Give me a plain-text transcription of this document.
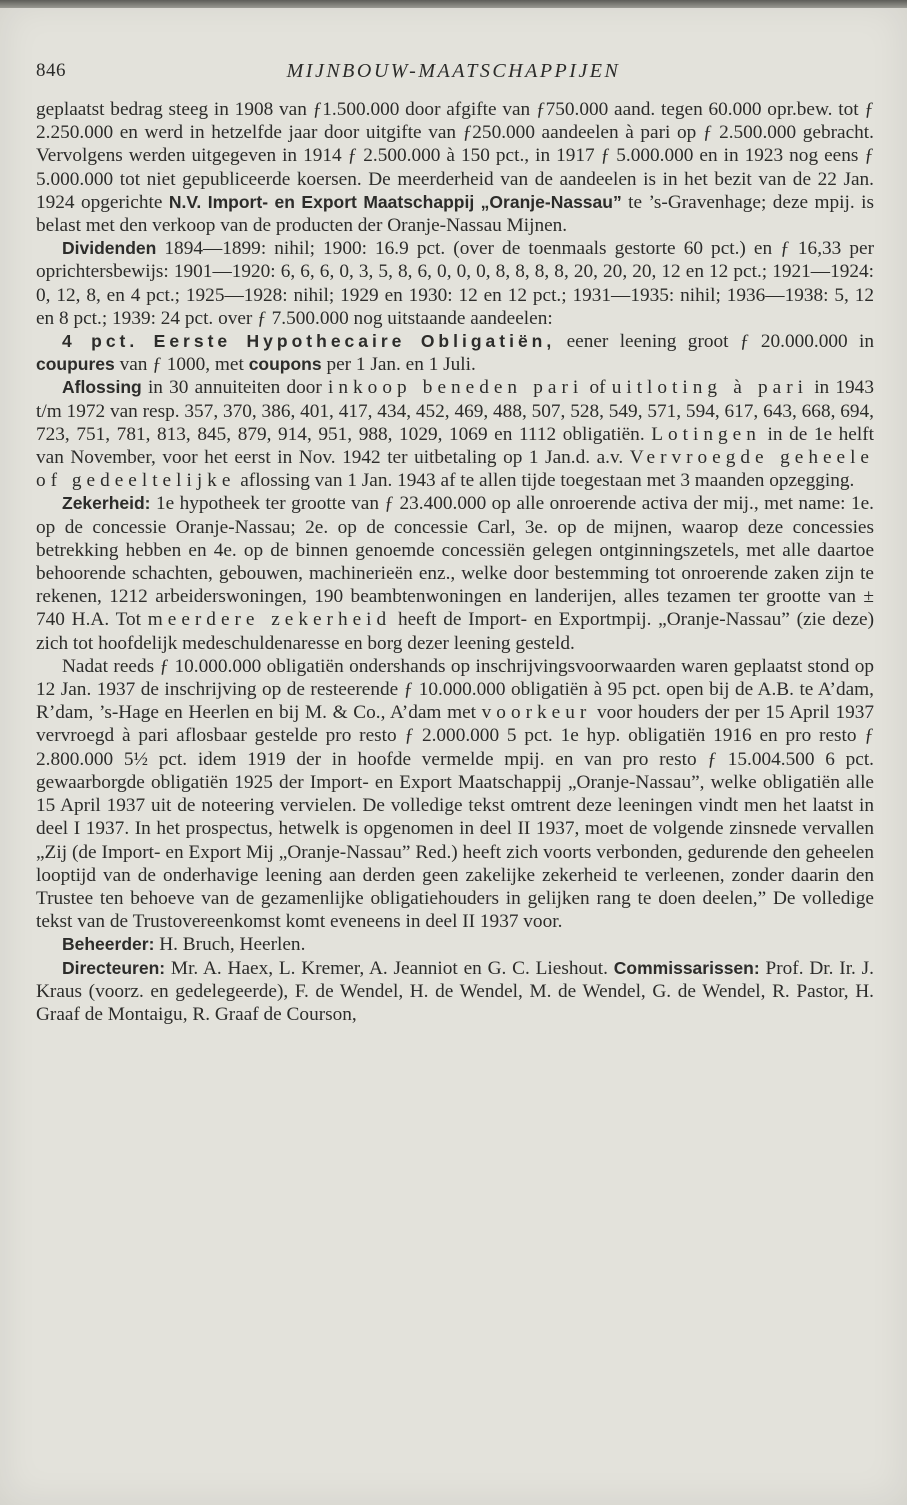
846	MIJNBOUW-MAATSCHAPPIJEN

geplaatst bedrag steeg in 1908 van ƒ1.500.000 door afgifte van ƒ750.000 aand. tegen 60.000 opr.bew. tot ƒ 2.250.000 en werd in hetzelfde jaar door uitgifte van ƒ250.000 aandeelen à pari op ƒ 2.500.000 gebracht. Vervolgens werden uitgegeven in 1914 ƒ 2.500.000 à 150 pct., in 1917 ƒ 5.000.000 en in 1923 nog eens ƒ 5.000.000 tot niet gepubliceerde koersen. De meerderheid van de aandeelen is in het bezit van de 22 Jan. 1924 opgerichte N.V. Import- en Export Maatschappij „Oranje-Nassau” te ’s-Gravenhage; deze mpij. is belast met den verkoop van de producten der Oranje-Nassau Mijnen.

Dividenden 1894—1899: nihil; 1900: 16.9 pct. (over de toenmaals gestorte 60 pct.) en ƒ 16,33 per oprichtersbewijs: 1901—1920: 6, 6, 6, 0, 3, 5, 8, 6, 0, 0, 0, 8, 8, 8, 8, 20, 20, 20, 12 en 12 pct.; 1921—1924: 0, 12, 8, en 4 pct.; 1925—1928: nihil; 1929 en 1930: 12 en 12 pct.; 1931—1935: nihil; 1936—1938: 5, 12 en 8 pct.; 1939: 24 pct. over ƒ 7.500.000 nog uitstaande aandeelen:

4 pct. Eerste Hypothecaire Obligatiën, eener leening groot ƒ 20.000.000 in coupures van ƒ 1000, met coupons per 1 Jan. en 1 Juli.

Aflossing in 30 annuiteiten door inkoop beneden pari of uitloting à pari in 1943 t/m 1972 van resp. 357, 370, 386, 401, 417, 434, 452, 469, 488, 507, 528, 549, 571, 594, 617, 643, 668, 694, 723, 751, 781, 813, 845, 879, 914, 951, 988, 1029, 1069 en 1112 obligatiën. Lotingen in de 1e helft van November, voor het eerst in Nov. 1942 ter uitbetaling op 1 Jan.d. a.v. Vervroegde geheele of gedeeltelijke aflossing van 1 Jan. 1943 af te allen tijde toegestaan met 3 maanden opzegging.

Zekerheid: 1e hypotheek ter grootte van ƒ 23.400.000 op alle onroerende activa der mij., met name: 1e. op de concessie Oranje-Nassau; 2e. op de concessie Carl, 3e. op de mijnen, waarop deze concessies betrekking hebben en 4e. op de binnen genoemde concessiën gelegen ontginningszetels, met alle daartoe behoorende schachten, gebouwen, machinerieën enz., welke door bestemming tot onroerende zaken zijn te rekenen, 1212 arbeiderswoningen, 190 beambtenwoningen en landerijen, alles tezamen ter grootte van ± 740 H.A. Tot meerdere zekerheid heeft de Import- en Exportmpij. „Oranje-Nassau” (zie deze) zich tot hoofdelijk medeschuldenaresse en borg dezer leening gesteld.

Nadat reeds ƒ 10.000.000 obligatiën ondershands op inschrijvingsvoorwaarden waren geplaatst stond op 12 Jan. 1937 de inschrijving op de resteerende ƒ 10.000.000 obligatiën à 95 pct. open bij de A.B. te A’dam, R’dam, ’s-Hage en Heerlen en bij M. & Co., A’dam met voorkeur voor houders der per 15 April 1937 vervroegd à pari aflosbaar gestelde pro resto ƒ 2.000.000 5 pct. 1e hyp. obligatiën 1916 en pro resto ƒ 2.800.000 5½ pct. idem 1919 der in hoofde vermelde mpij. en van pro resto ƒ 15.004.500 6 pct. gewaarborgde obligatiën 1925 der Import- en Export Maatschappij „Oranje-Nassau”, welke obligatiën alle 15 April 1937 uit de noteering vervielen. De volledige tekst omtrent deze leeningen vindt men het laatst in deel I 1937. In het prospectus, hetwelk is opgenomen in deel II 1937, moet de volgende zinsnede vervallen „Zij (de Import- en Export Mij „Oranje-Nassau” Red.) heeft zich voorts verbonden, gedurende den geheelen looptijd van de onderhavige leening aan derden geen zakelijke zekerheid te verleenen, zonder daarin den Trustee ten behoeve van de gezamenlijke obligatiehouders in gelijken rang te doen deelen,” De volledige tekst van de Trustovereenkomst komt eveneens in deel II 1937 voor.

Beheerder: H. Bruch, Heerlen.

Directeuren: Mr. A. Haex, L. Kremer, A. Jeanniot en G. C. Lieshout. Commissarissen: Prof. Dr. Ir. J. Kraus (voorz. en gedelegeerde), F. de Wendel, H. de Wendel, M. de Wendel, G. de Wendel, R. Pastor, H. Graaf de Montaigu, R. Graaf de Courson,
